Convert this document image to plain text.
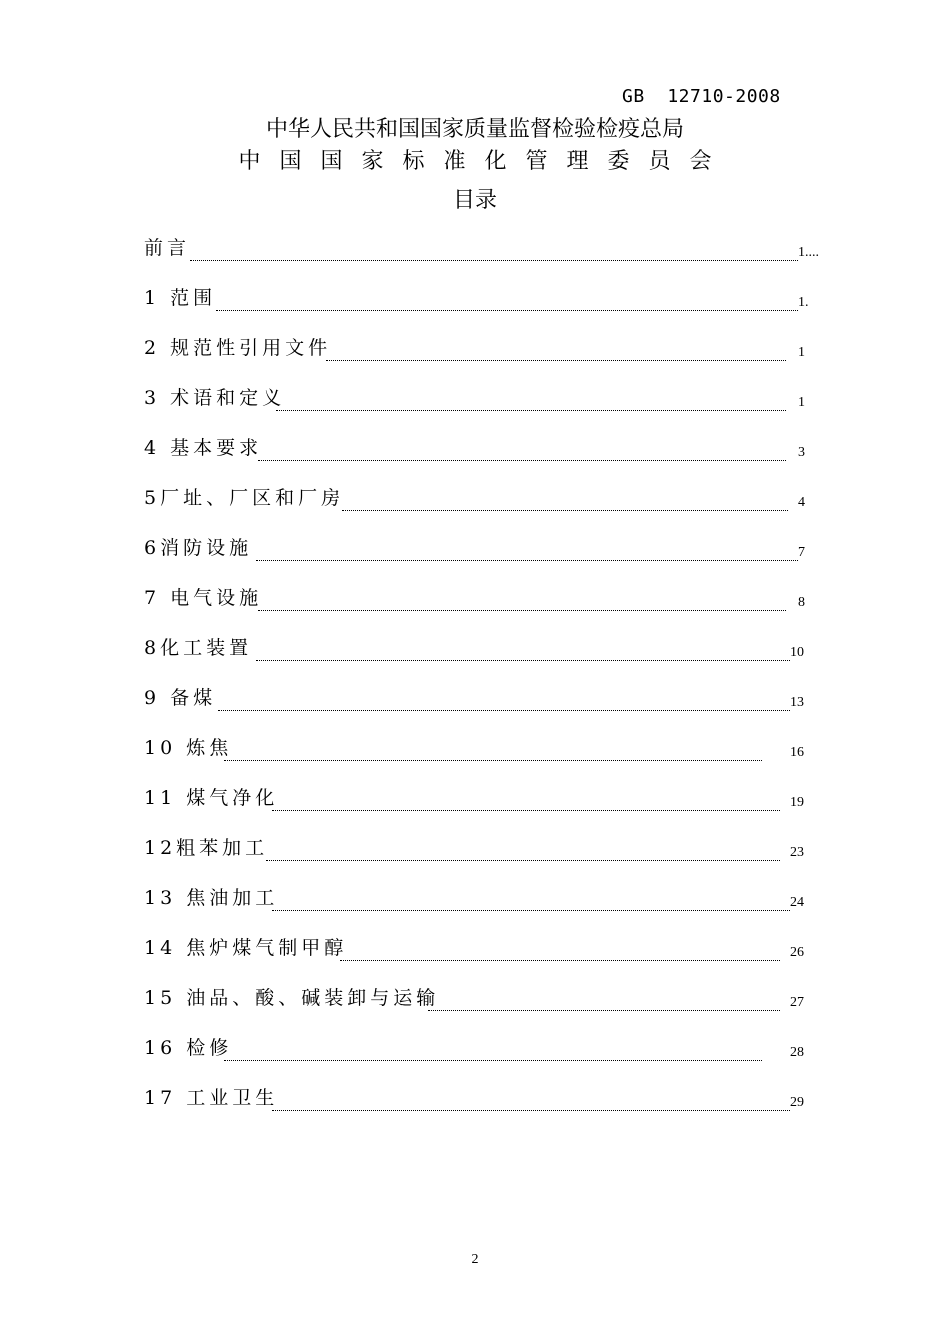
GB  12710-2008
中华人民共和国国家质量监督检验检疫总局
中国国家标准化管理委员会
目录
前言	1....
1 范围	1.
2 规范性引用文件	1
3 术语和定义	1
4 基本要求	3
5厂址、厂区和厂房	4
6消防设施	7
7 电气设施	8
8化工装置	10
9 备煤	13
10 炼焦	16
11 煤气净化	19
12粗苯加工	23
13 焦油加工	24
14 焦炉煤气制甲醇	26
15 油品、酸、碱装卸与运输	27
16 检修	28
17 工业卫生	29
2
